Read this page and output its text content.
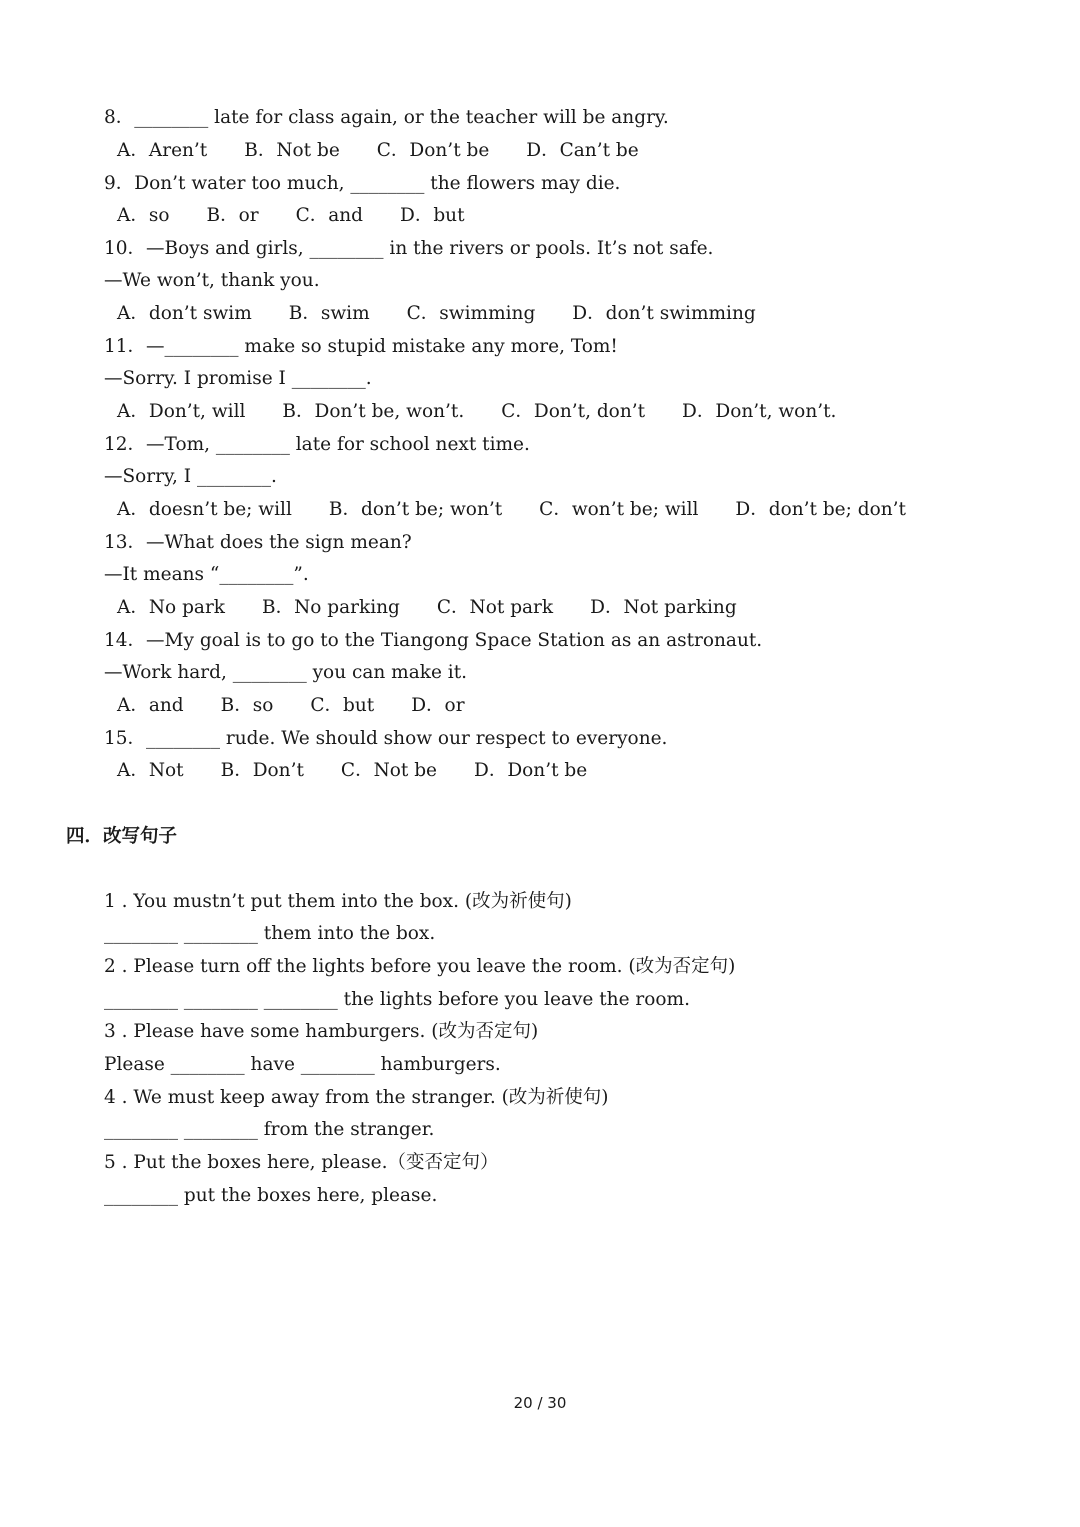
8．________ late for class again, or the teacher will be angry.
A．Aren’t　　B．Not be　　C．Don’t be　　D．Can’t be
9．Don’t water too much, ________ the flowers may die.
A．so　　B．or　　C．and　　D．but
10．—Boys and girls, ________ in the rivers or pools. It’s not safe.
—We won’t, thank you.
A．don’t swim　　B．swim　　C．swimming　　D．don’t swimming
11．—________ make so stupid mistake any more, Tom!
—Sorry. I promise I ________.
A．Don’t, will　　B．Don’t be, won’t.　　C．Don’t, don’t　　D．Don’t, won’t.
12．—Tom, ________ late for school next time.
—Sorry, I ________.
A．doesn’t be; will　　B．don’t be; won’t　　C．won’t be; will　　D．don’t be; don’t
13．—What does the sign mean?
—It means “________”.
A．No park　　B．No parking　　C．Not park　　D．Not parking
14．—My goal is to go to the Tiangong Space Station as an astronaut.
—Work hard, ________ you can make it.
A．and　　B．so　　C．but　　D．or
15．________ rude. We should show our respect to everyone.
A．Not　　B．Don’t　　C．Not be　　D．Don’t be
四．改写句子
1 . You mustn’t put them into the box. (改为祈使句)
________ ________ them into the box.
2 . Please turn off the lights before you leave the room. (改为否定句)
________ ________ ________ the lights before you leave the room.
3 . Please have some hamburgers. (改为否定句)
Please ________ have ________ hamburgers.
4 . We must keep away from the stranger. (改为祈使句)
________ ________ from the stranger.
5 . Put the boxes here, please.（变否定句）
________ put the boxes here, please.
20 / 30
